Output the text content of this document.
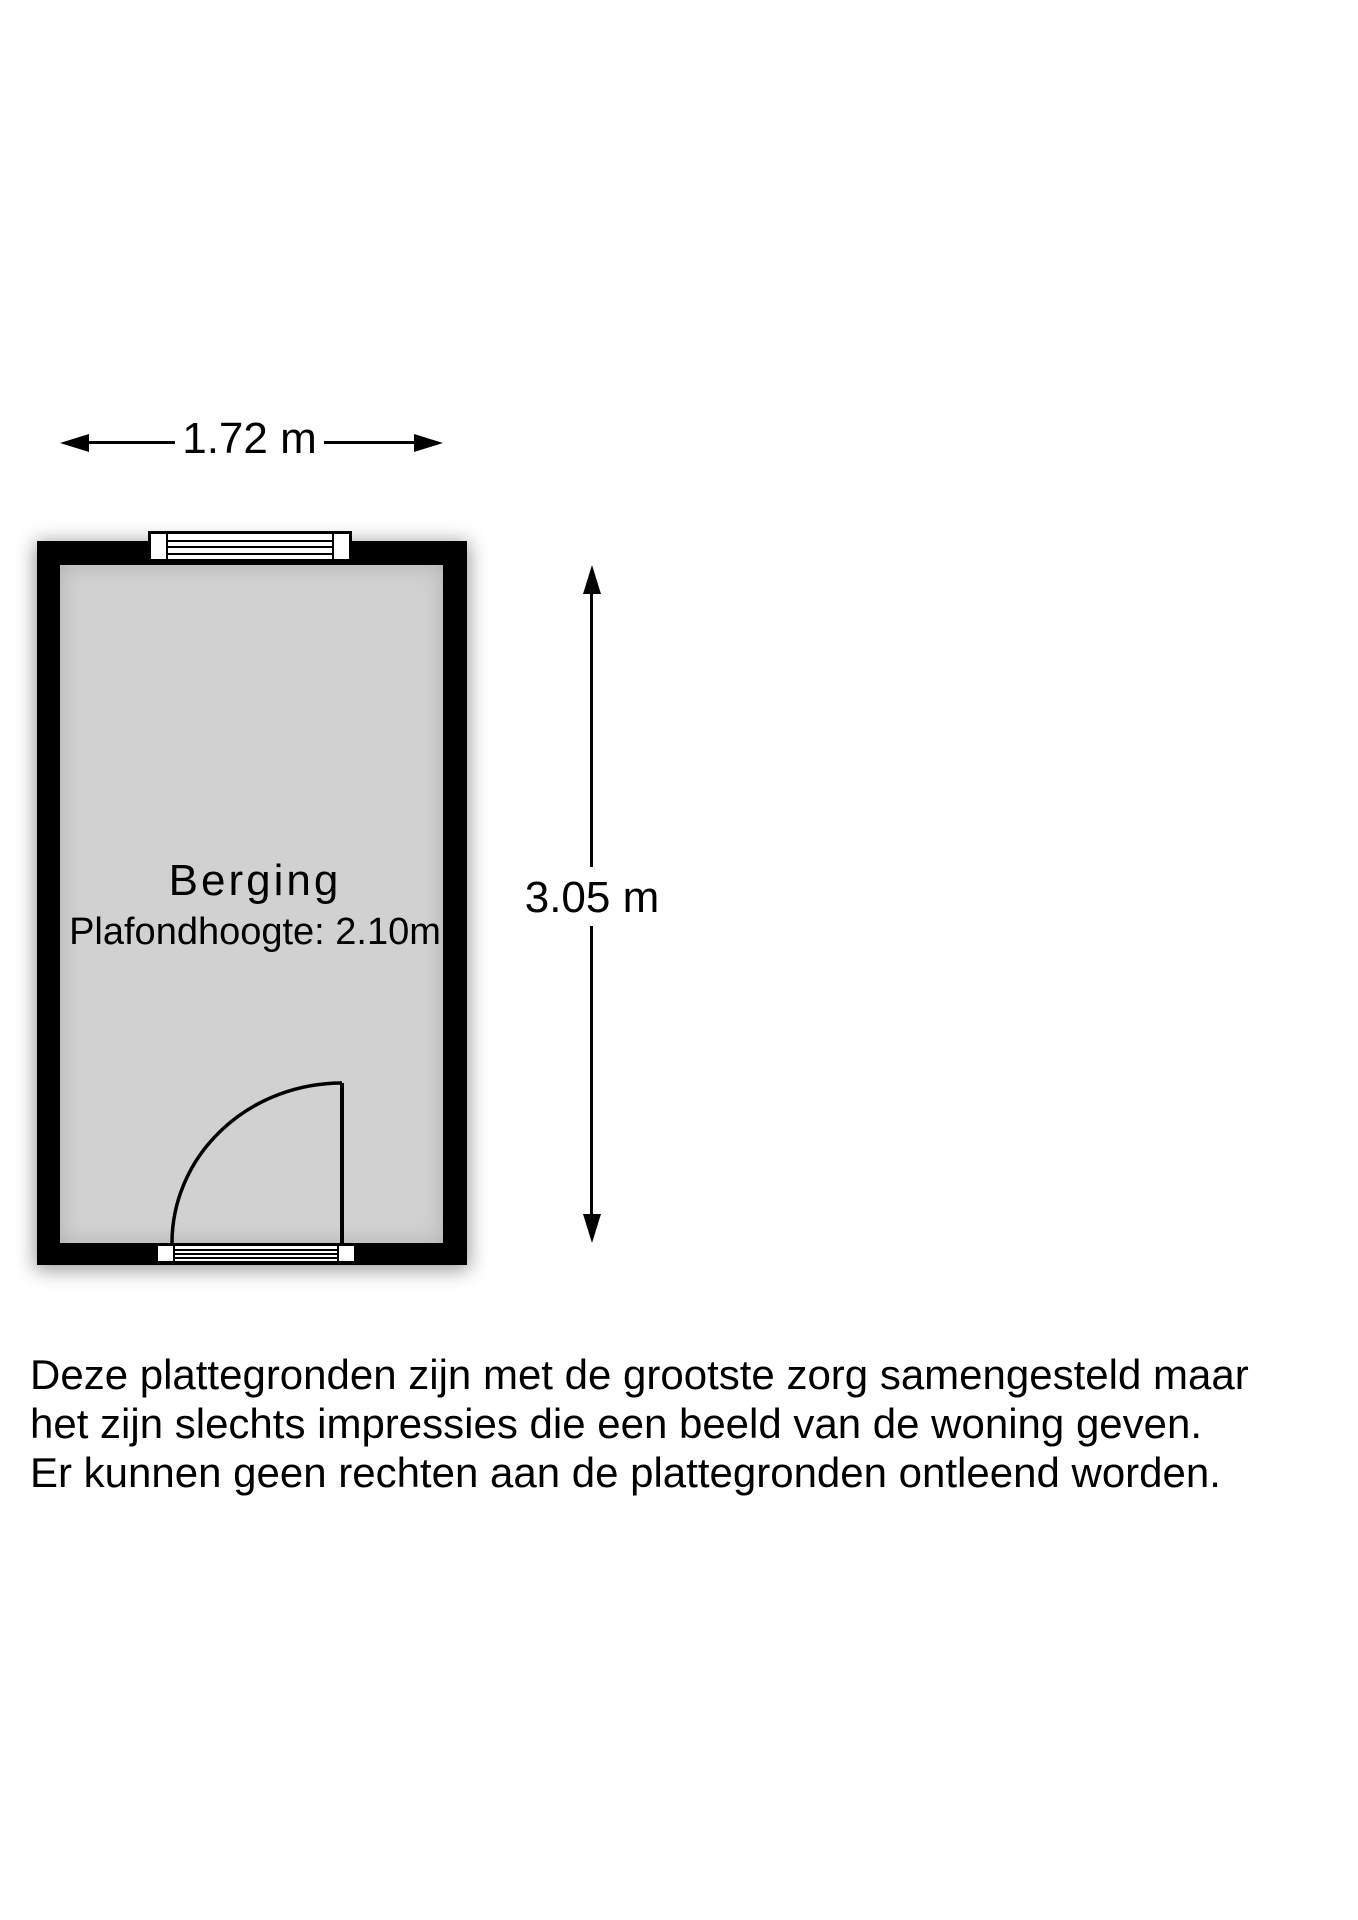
1.72 m
Berging
Plafondhoogte: 2.10m
3.05 m
Deze plattegronden zijn met de grootste zorg samengesteld maar
het zijn slechts impressies die een beeld van de woning geven.
Er kunnen geen rechten aan de plattegronden ontleend worden.
